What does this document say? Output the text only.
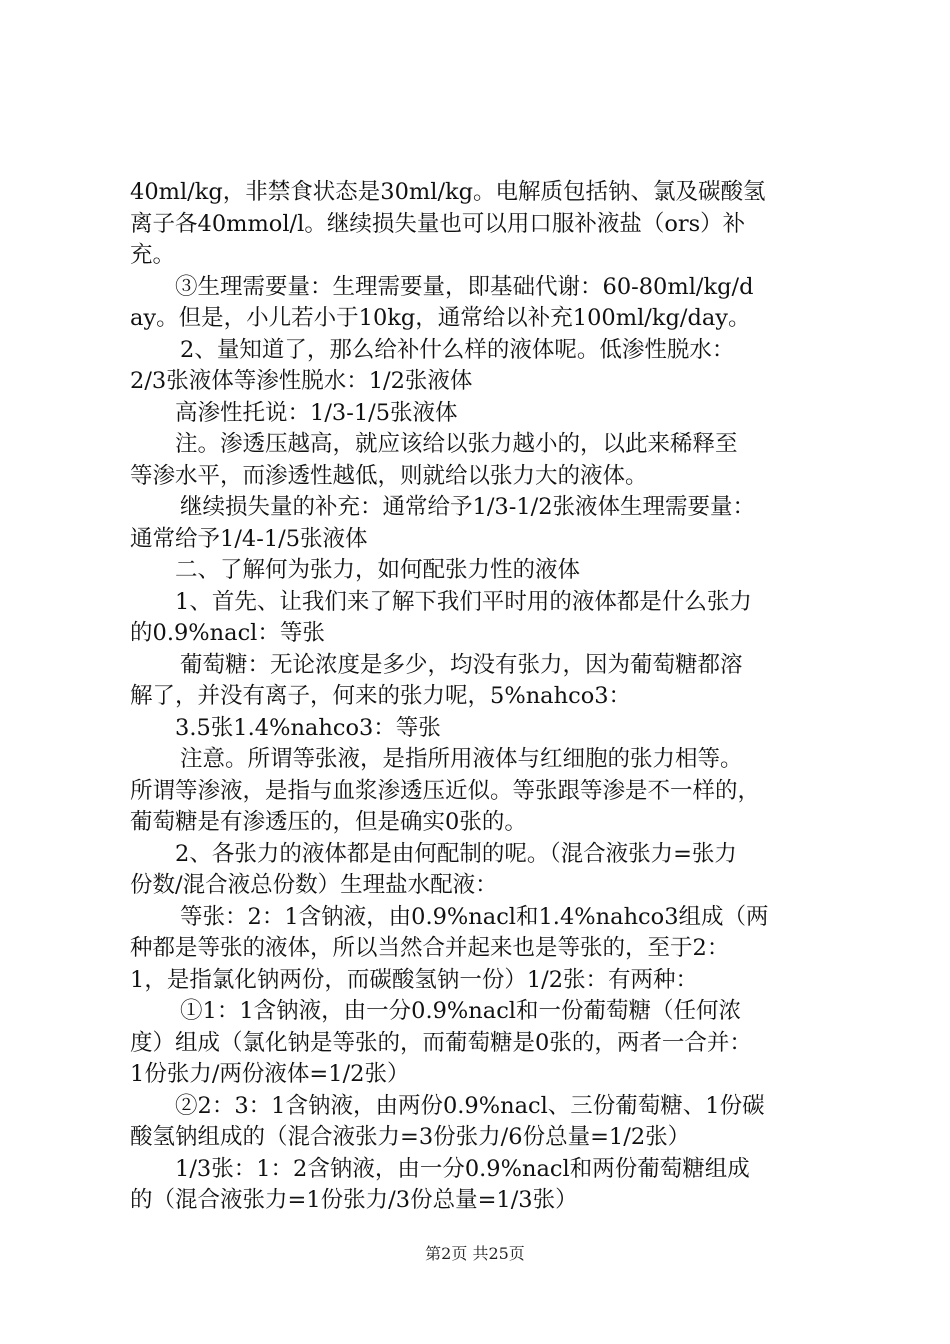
40ml/kg，非禁食状态是30ml/kg。电解质包括钠、氯及碳酸氢
离子各40mmol/l。继续损失量也可以用口服补液盐（ors）补
充。
③生理需要量：生理需要量，即基础代谢：60-80ml/kg/d
ay。但是，小儿若小于10kg，通常给以补充100ml/kg/day。
2、量知道了，那么给补什么样的液体呢。低渗性脱水：
2/3张液体等渗性脱水：1/2张液体
高渗性托说：1/3-1/5张液体
注。渗透压越高，就应该给以张力越小的，以此来稀释至
等渗水平，而渗透性越低，则就给以张力大的液体。
继续损失量的补充：通常给予1/3-1/2张液体生理需要量：
通常给予1/4-1/5张液体
二、了解何为张力，如何配张力性的液体
1、首先、让我们来了解下我们平时用的液体都是什么张力
的0.9%nacl：等张
葡萄糖：无论浓度是多少，均没有张力，因为葡萄糖都溶
解了，并没有离子，何来的张力呢，5%nahco3：
3.5张1.4%nahco3：等张
注意。所谓等张液，是指所用液体与红细胞的张力相等。
所谓等渗液，是指与血浆渗透压近似。等张跟等渗是不一样的，
葡萄糖是有渗透压的，但是确实0张的。
2、各张力的液体都是由何配制的呢。（混合液张力=张力
份数/混合液总份数）生理盐水配液：
等张：2：1含钠液，由0.9%nacl和1.4%nahco3组成（两
种都是等张的液体，所以当然合并起来也是等张的，至于2：
1，是指氯化钠两份，而碳酸氢钠一份）1/2张：有两种：
①1：1含钠液，由一分0.9%nacl和一份葡萄糖（任何浓
度）组成（氯化钠是等张的，而葡萄糖是0张的，两者一合并：
1份张力/两份液体=1/2张）
②2：3：1含钠液，由两份0.9%nacl、三份葡萄糖、1份碳
酸氢钠组成的（混合液张力=3份张力/6份总量=1/2张）
1/3张：1：2含钠液，由一分0.9%nacl和两份葡萄糖组成
的（混合液张力=1份张力/3份总量=1/3张）
第2页 共25页
